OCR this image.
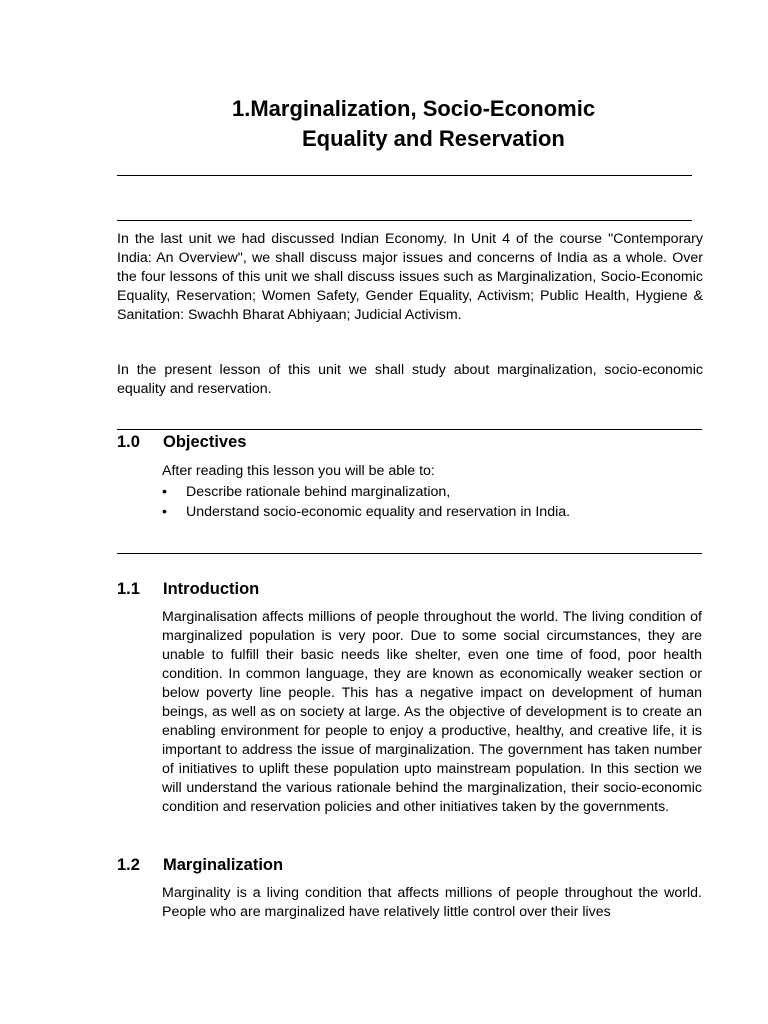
1.Marginalization, Socio-Economic
Equality and Reservation

In the last unit we had discussed Indian Economy. In Unit 4 of the course "Contemporary India: An Overview", we shall discuss major issues and concerns of India as a whole. Over the four lessons of this unit we shall discuss issues such as Marginalization, Socio-Economic Equality, Reservation; Women Safety, Gender Equality, Activism; Public Health, Hygiene & Sanitation: Swachh Bharat Abhiyaan; Judicial Activism.

In the present lesson of this unit we shall study about marginalization, socio-economic equality and reservation.

1.0 Objectives

After reading this lesson you will be able to:

• Describe rationale behind marginalization,
• Understand socio-economic equality and reservation in India.
1.1 Introduction

Marginalisation affects millions of people throughout the world. The living condition of marginalized population is very poor. Due to some social circumstances, they are unable to fulfill their basic needs like shelter, even one time of food, poor health condition. In common language, they are known as economically weaker section or below poverty line people. This has a negative impact on development of human beings, as well as on society at large. As the objective of development is to create an enabling environment for people to enjoy a productive, healthy, and creative life, it is important to address the issue of marginalization. The government has taken number of initiatives to uplift these population upto mainstream population. In this section we will understand the various rationale behind the marginalization, their socio-economic condition and reservation policies and other initiatives taken by the governments.

1.2 Marginalization

Marginality is a living condition that affects millions of people throughout the world. People who are marginalized have relatively little control over their lives
